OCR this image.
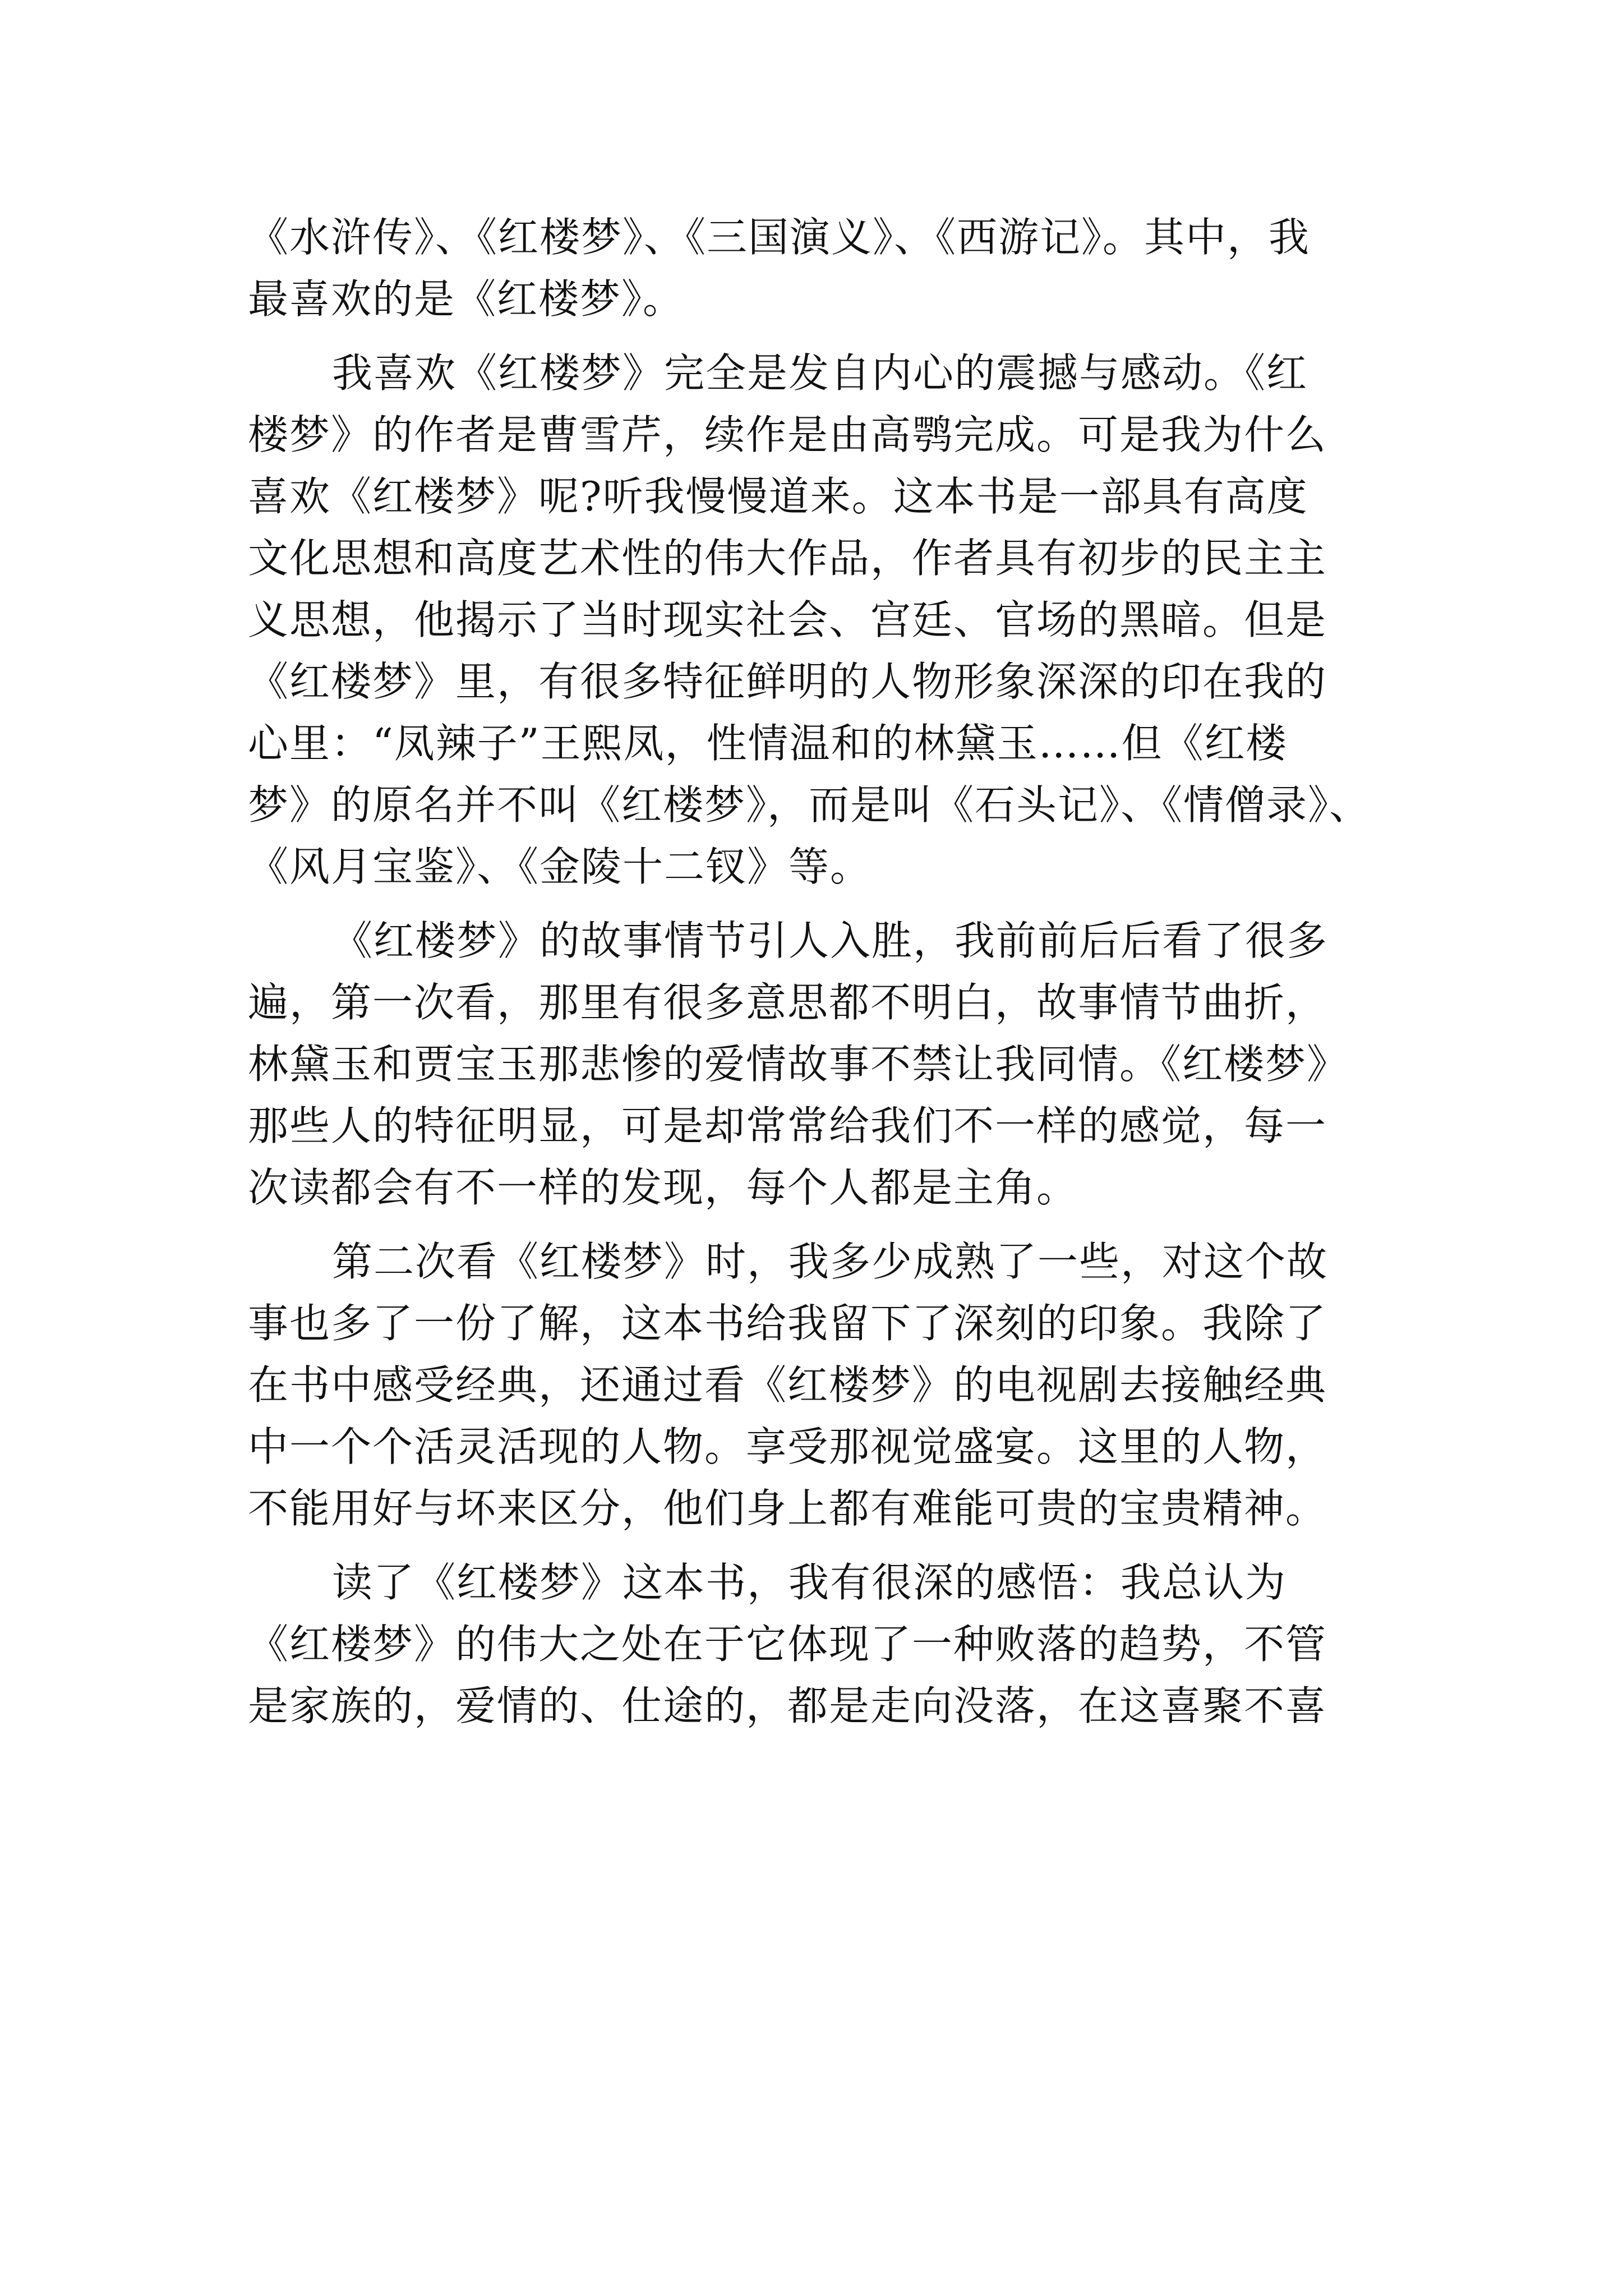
《水浒传》、《红楼梦》、《三国演义》、《西游记》。其中，我
最喜欢的是《红楼梦》。
我喜欢《红楼梦》完全是发自内心的震撼与感动。《红
楼梦》的作者是曹雪芹，续作是由高鹗完成。可是我为什么
喜欢《红楼梦》呢?听我慢慢道来。这本书是一部具有高度
文化思想和高度艺术性的伟大作品，作者具有初步的民主主
义思想，他揭示了当时现实社会、宫廷、官场的黑暗。但是
《红楼梦》里，有很多特征鲜明的人物形象深深的印在我的
心里：“凤辣子”王熙凤，性情温和的林黛玉……但《红楼
梦》的原名并不叫《红楼梦》，而是叫《石头记》、《情僧录》、
《风月宝鉴》、《金陵十二钗》等。
《红楼梦》的故事情节引人入胜，我前前后后看了很多
遍，第一次看，那里有很多意思都不明白，故事情节曲折，
林黛玉和贾宝玉那悲惨的爱情故事不禁让我同情。《红楼梦》
那些人的特征明显，可是却常常给我们不一样的感觉，每一
次读都会有不一样的发现，每个人都是主角。
第二次看《红楼梦》时，我多少成熟了一些，对这个故
事也多了一份了解，这本书给我留下了深刻的印象。我除了
在书中感受经典，还通过看《红楼梦》的电视剧去接触经典
中一个个活灵活现的人物。享受那视觉盛宴。这里的人物，
不能用好与坏来区分，他们身上都有难能可贵的宝贵精神。
读了《红楼梦》这本书，我有很深的感悟：我总认为
《红楼梦》的伟大之处在于它体现了一种败落的趋势，不管
是家族的，爱情的、仕途的，都是走向没落，在这喜聚不喜
